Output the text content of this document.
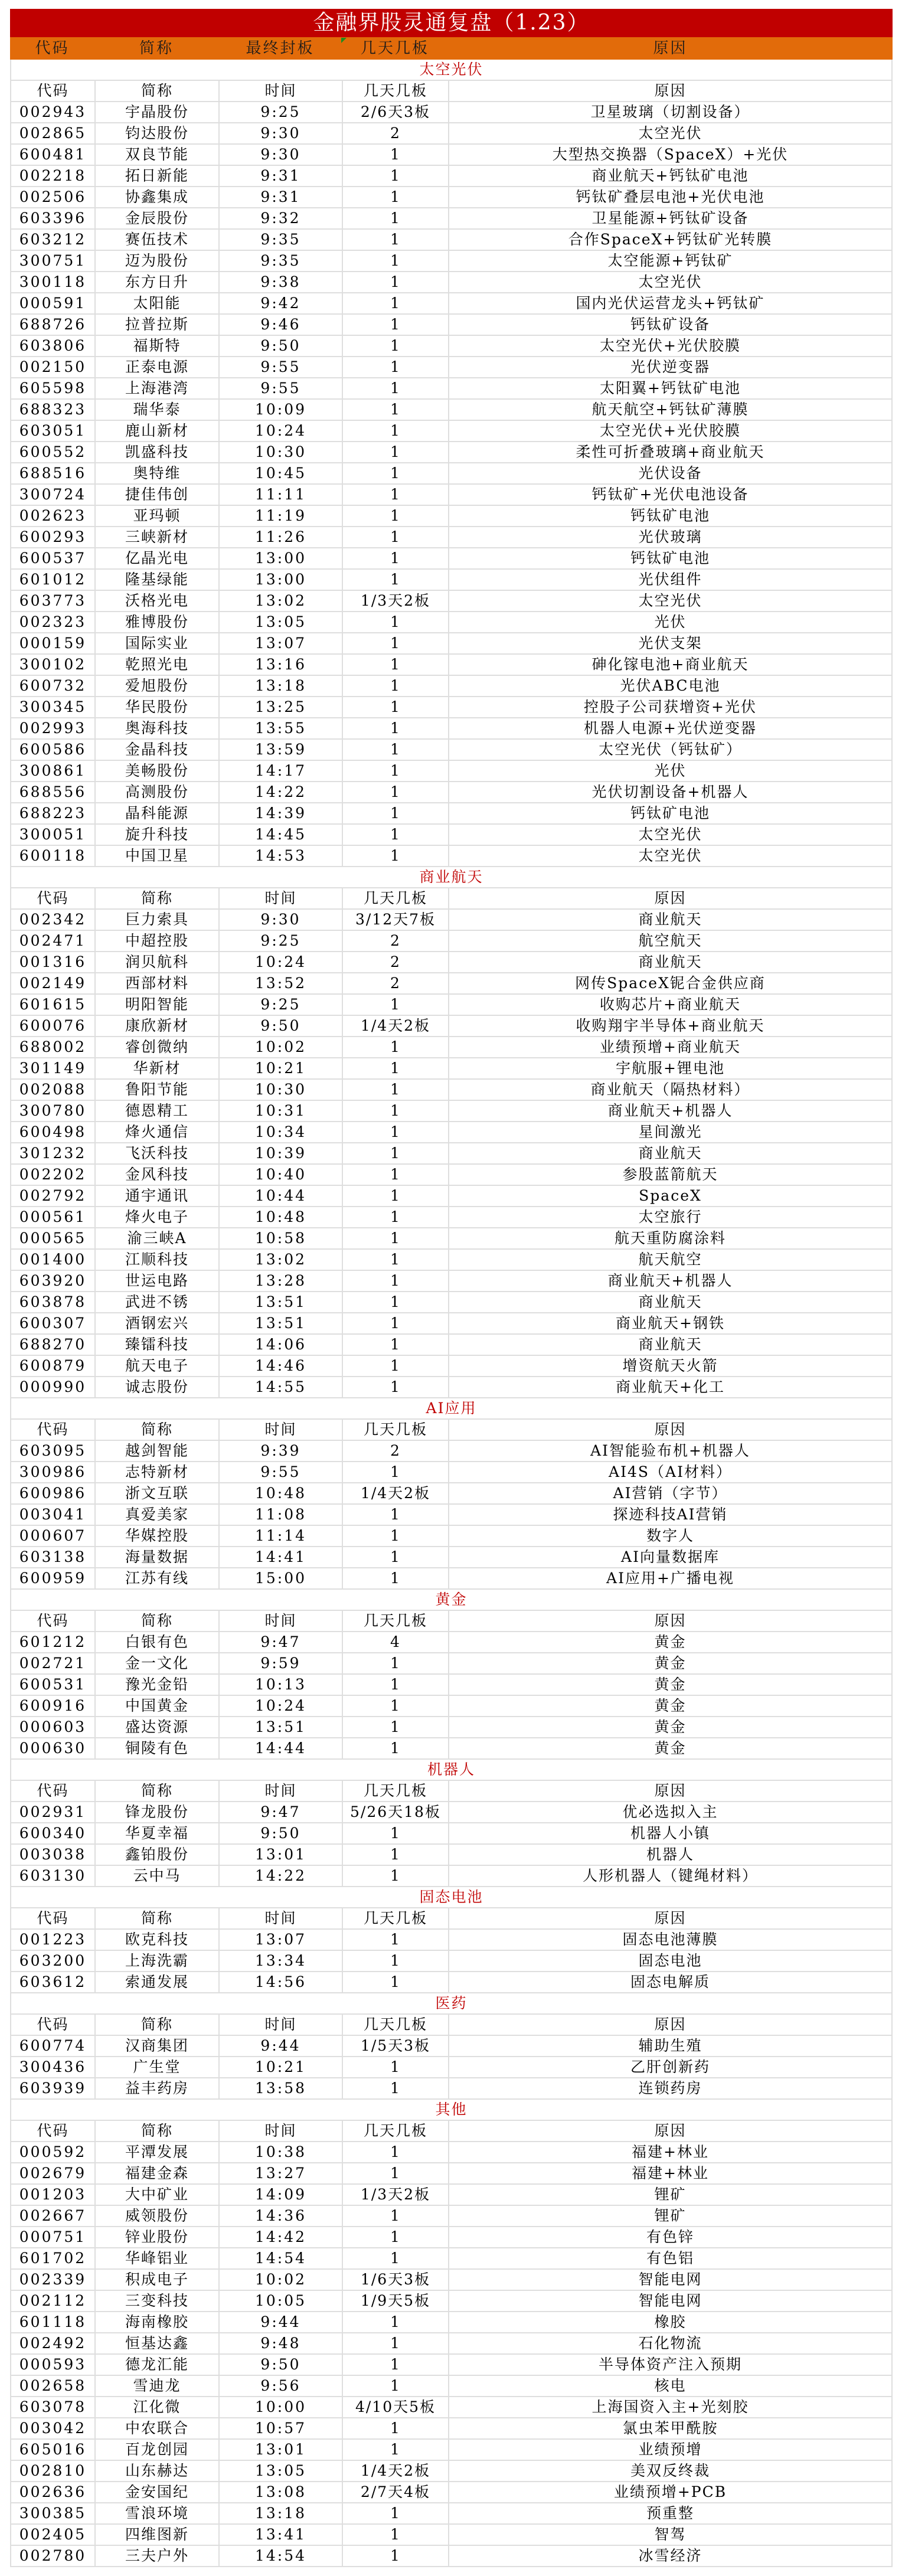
金融界股灵通复盘（1.23）
代码	简称	最终封板	几天几板	原因
太空光伏
代码	简称	时间	几天几板	原因
002943	宇晶股份	9:25	2/6天3板	卫星玻璃（切割设备）
002865	钧达股份	9:30	2	太空光伏
600481	双良节能	9:30	1	大型热交换器（SpaceX）+光伏
002218	拓日新能	9:31	1	商业航天+钙钛矿电池
002506	协鑫集成	9:31	1	钙钛矿叠层电池+光伏电池
603396	金辰股份	9:32	1	卫星能源+钙钛矿设备
603212	赛伍技术	9:35	1	合作SpaceX+钙钛矿光转膜
300751	迈为股份	9:35	1	太空能源+钙钛矿
300118	东方日升	9:38	1	太空光伏
000591	太阳能	9:42	1	国内光伏运营龙头+钙钛矿
688726	拉普拉斯	9:46	1	钙钛矿设备
603806	福斯特	9:50	1	太空光伏+光伏胶膜
002150	正泰电源	9:55	1	光伏逆变器
605598	上海港湾	9:55	1	太阳翼+钙钛矿电池
688323	瑞华泰	10:09	1	航天航空+钙钛矿薄膜
603051	鹿山新材	10:24	1	太空光伏+光伏胶膜
600552	凯盛科技	10:30	1	柔性可折叠玻璃+商业航天
688516	奥特维	10:45	1	光伏设备
300724	捷佳伟创	11:11	1	钙钛矿+光伏电池设备
002623	亚玛顿	11:19	1	钙钛矿电池
600293	三峡新材	11:26	1	光伏玻璃
600537	亿晶光电	13:00	1	钙钛矿电池
601012	隆基绿能	13:00	1	光伏组件
603773	沃格光电	13:02	1/3天2板	太空光伏
002323	雅博股份	13:05	1	光伏
000159	国际实业	13:07	1	光伏支架
300102	乾照光电	13:16	1	砷化镓电池+商业航天
600732	爱旭股份	13:18	1	光伏ABC电池
300345	华民股份	13:25	1	控股子公司获增资+光伏
002993	奥海科技	13:55	1	机器人电源+光伏逆变器
600586	金晶科技	13:59	1	太空光伏（钙钛矿）
300861	美畅股份	14:17	1	光伏
688556	高测股份	14:22	1	光伏切割设备+机器人
688223	晶科能源	14:39	1	钙钛矿电池
300051	旋升科技	14:45	1	太空光伏
600118	中国卫星	14:53	1	太空光伏
商业航天
代码	简称	时间	几天几板	原因
002342	巨力索具	9:30	3/12天7板	商业航天
002471	中超控股	9:25	2	航空航天
001316	润贝航科	10:24	2	商业航天
002149	西部材料	13:52	2	网传SpaceX铌合金供应商
601615	明阳智能	9:25	1	收购芯片+商业航天
600076	康欣新材	9:50	1/4天2板	收购翔宇半导体+商业航天
688002	睿创微纳	10:02	1	业绩预增+商业航天
301149	华新材	10:21	1	宇航服+锂电池
002088	鲁阳节能	10:30	1	商业航天（隔热材料）
300780	德恩精工	10:31	1	商业航天+机器人
600498	烽火通信	10:34	1	星间激光
301232	飞沃科技	10:39	1	商业航天
002202	金风科技	10:40	1	参股蓝箭航天
002792	通宇通讯	10:44	1	SpaceX
000561	烽火电子	10:48	1	太空旅行
000565	渝三峡A	10:58	1	航天重防腐涂料
001400	江顺科技	13:02	1	航天航空
603920	世运电路	13:28	1	商业航天+机器人
603878	武进不锈	13:51	1	商业航天
600307	酒钢宏兴	13:51	1	商业航天+钢铁
688270	臻镭科技	14:06	1	商业航天
600879	航天电子	14:46	1	增资航天火箭
000990	诚志股份	14:55	1	商业航天+化工
AI应用
代码	简称	时间	几天几板	原因
603095	越剑智能	9:39	2	AI智能验布机+机器人
300986	志特新材	9:55	1	AI4S（AI材料）
600986	浙文互联	10:48	1/4天2板	AI营销（字节）
003041	真爱美家	11:08	1	探迹科技AI营销
000607	华媒控股	11:14	1	数字人
603138	海量数据	14:41	1	AI向量数据库
600959	江苏有线	15:00	1	AI应用+广播电视
黄金
代码	简称	时间	几天几板	原因
601212	白银有色	9:47	4	黄金
002721	金一文化	9:59	1	黄金
600531	豫光金铅	10:13	1	黄金
600916	中国黄金	10:24	1	黄金
000603	盛达资源	13:51	1	黄金
000630	铜陵有色	14:44	1	黄金
机器人
代码	简称	时间	几天几板	原因
002931	锋龙股份	9:47	5/26天18板	优必选拟入主
600340	华夏幸福	9:50	1	机器人小镇
003038	鑫铂股份	13:01	1	机器人
603130	云中马	14:22	1	人形机器人（键绳材料）
固态电池
代码	简称	时间	几天几板	原因
001223	欧克科技	13:07	1	固态电池薄膜
603200	上海洗霸	13:34	1	固态电池
603612	索通发展	14:56	1	固态电解质
医药
代码	简称	时间	几天几板	原因
600774	汉商集团	9:44	1/5天3板	辅助生殖
300436	广生堂	10:21	1	乙肝创新药
603939	益丰药房	13:58	1	连锁药房
其他
代码	简称	时间	几天几板	原因
000592	平潭发展	10:38	1	福建+林业
002679	福建金森	13:27	1	福建+林业
001203	大中矿业	14:09	1/3天2板	锂矿
002667	威领股份	14:36	1	锂矿
000751	锌业股份	14:42	1	有色锌
601702	华峰铝业	14:54	1	有色铝
002339	积成电子	10:02	1/6天3板	智能电网
002112	三变科技	10:05	1/9天5板	智能电网
601118	海南橡胶	9:44	1	橡胶
002492	恒基达鑫	9:48	1	石化物流
000593	德龙汇能	9:50	1	半导体资产注入预期
002658	雪迪龙	9:56	1	核电
603078	江化微	10:00	4/10天5板	上海国资入主+光刻胶
003042	中农联合	10:57	1	氯虫苯甲酰胺
605016	百龙创园	13:01	1	业绩预增
002810	山东赫达	13:05	1/4天2板	美双反终裁
002636	金安国纪	13:08	2/7天4板	业绩预增+PCB
300385	雪浪环境	13:18	1	预重整
002405	四维图新	13:41	1	智驾
002780	三夫户外	14:54	1	冰雪经济
